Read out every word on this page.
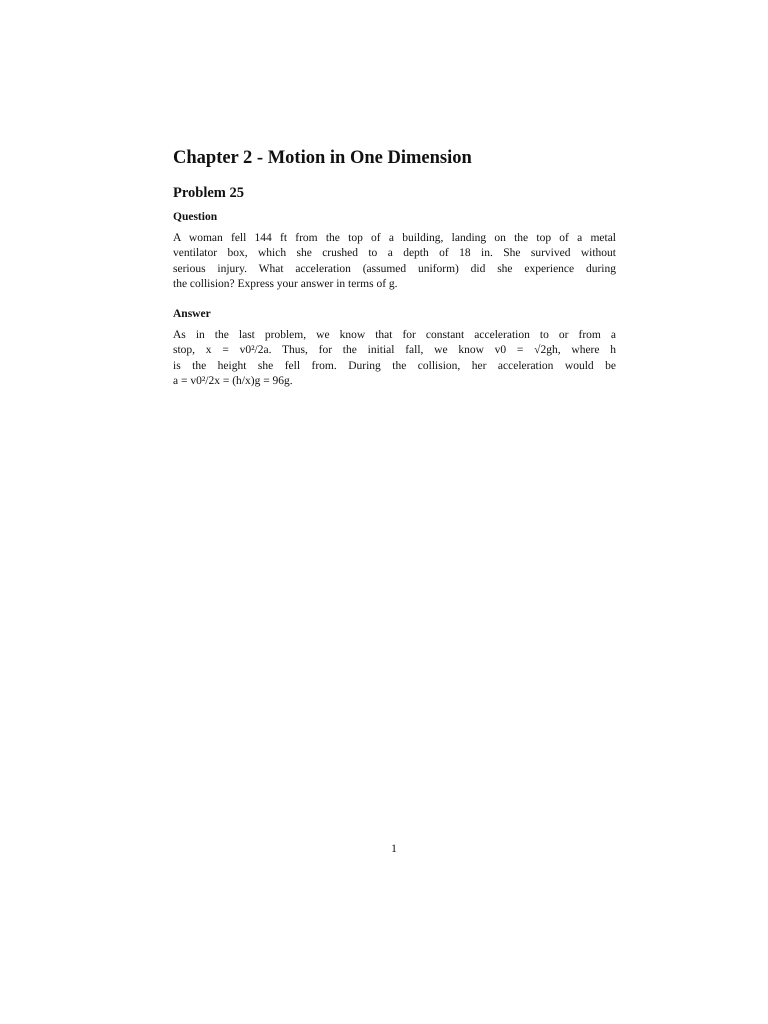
Chapter 2 - Motion in One Dimension
Problem 25
Question
A woman fell 144 ft from the top of a building, landing on the top of a metal
ventilator box, which she crushed to a depth of 18 in. She survived without
serious injury. What acceleration (assumed uniform) did she experience during
the collision? Express your answer in terms of g.
Answer
As in the last problem, we know that for constant acceleration to or from a
stop, x = v0²/2a. Thus, for the initial fall, we know v0 = √2gh, where h
is the height she fell from. During the collision, her acceleration would be
a = v0²/2x = (h/x)g = 96g.
1
